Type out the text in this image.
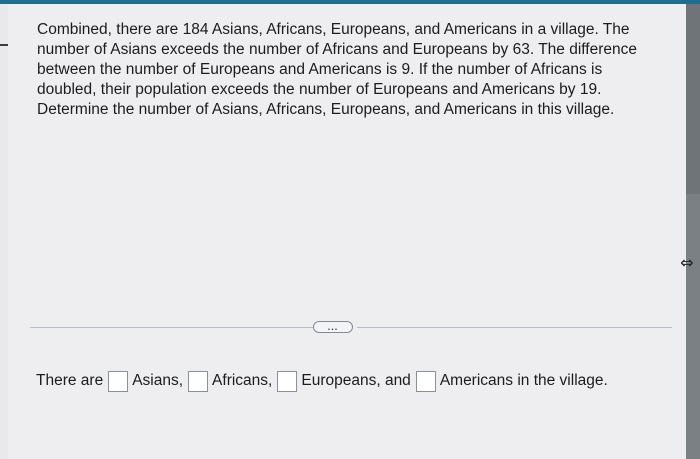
Combined, there are 184 Asians, Africans, Europeans, and Americans in a village. The number of Asians exceeds the number of Africans and Europeans by 63. The difference between the number of Europeans and Americans is 9. If the number of Africans is doubled, their population exceeds the number of Europeans and Americans by 19. Determine the number of Asians, Africans, Europeans, and Americans in this village.

...
There are Asians, Africans, Europeans, and Americans in the village.
⇔
